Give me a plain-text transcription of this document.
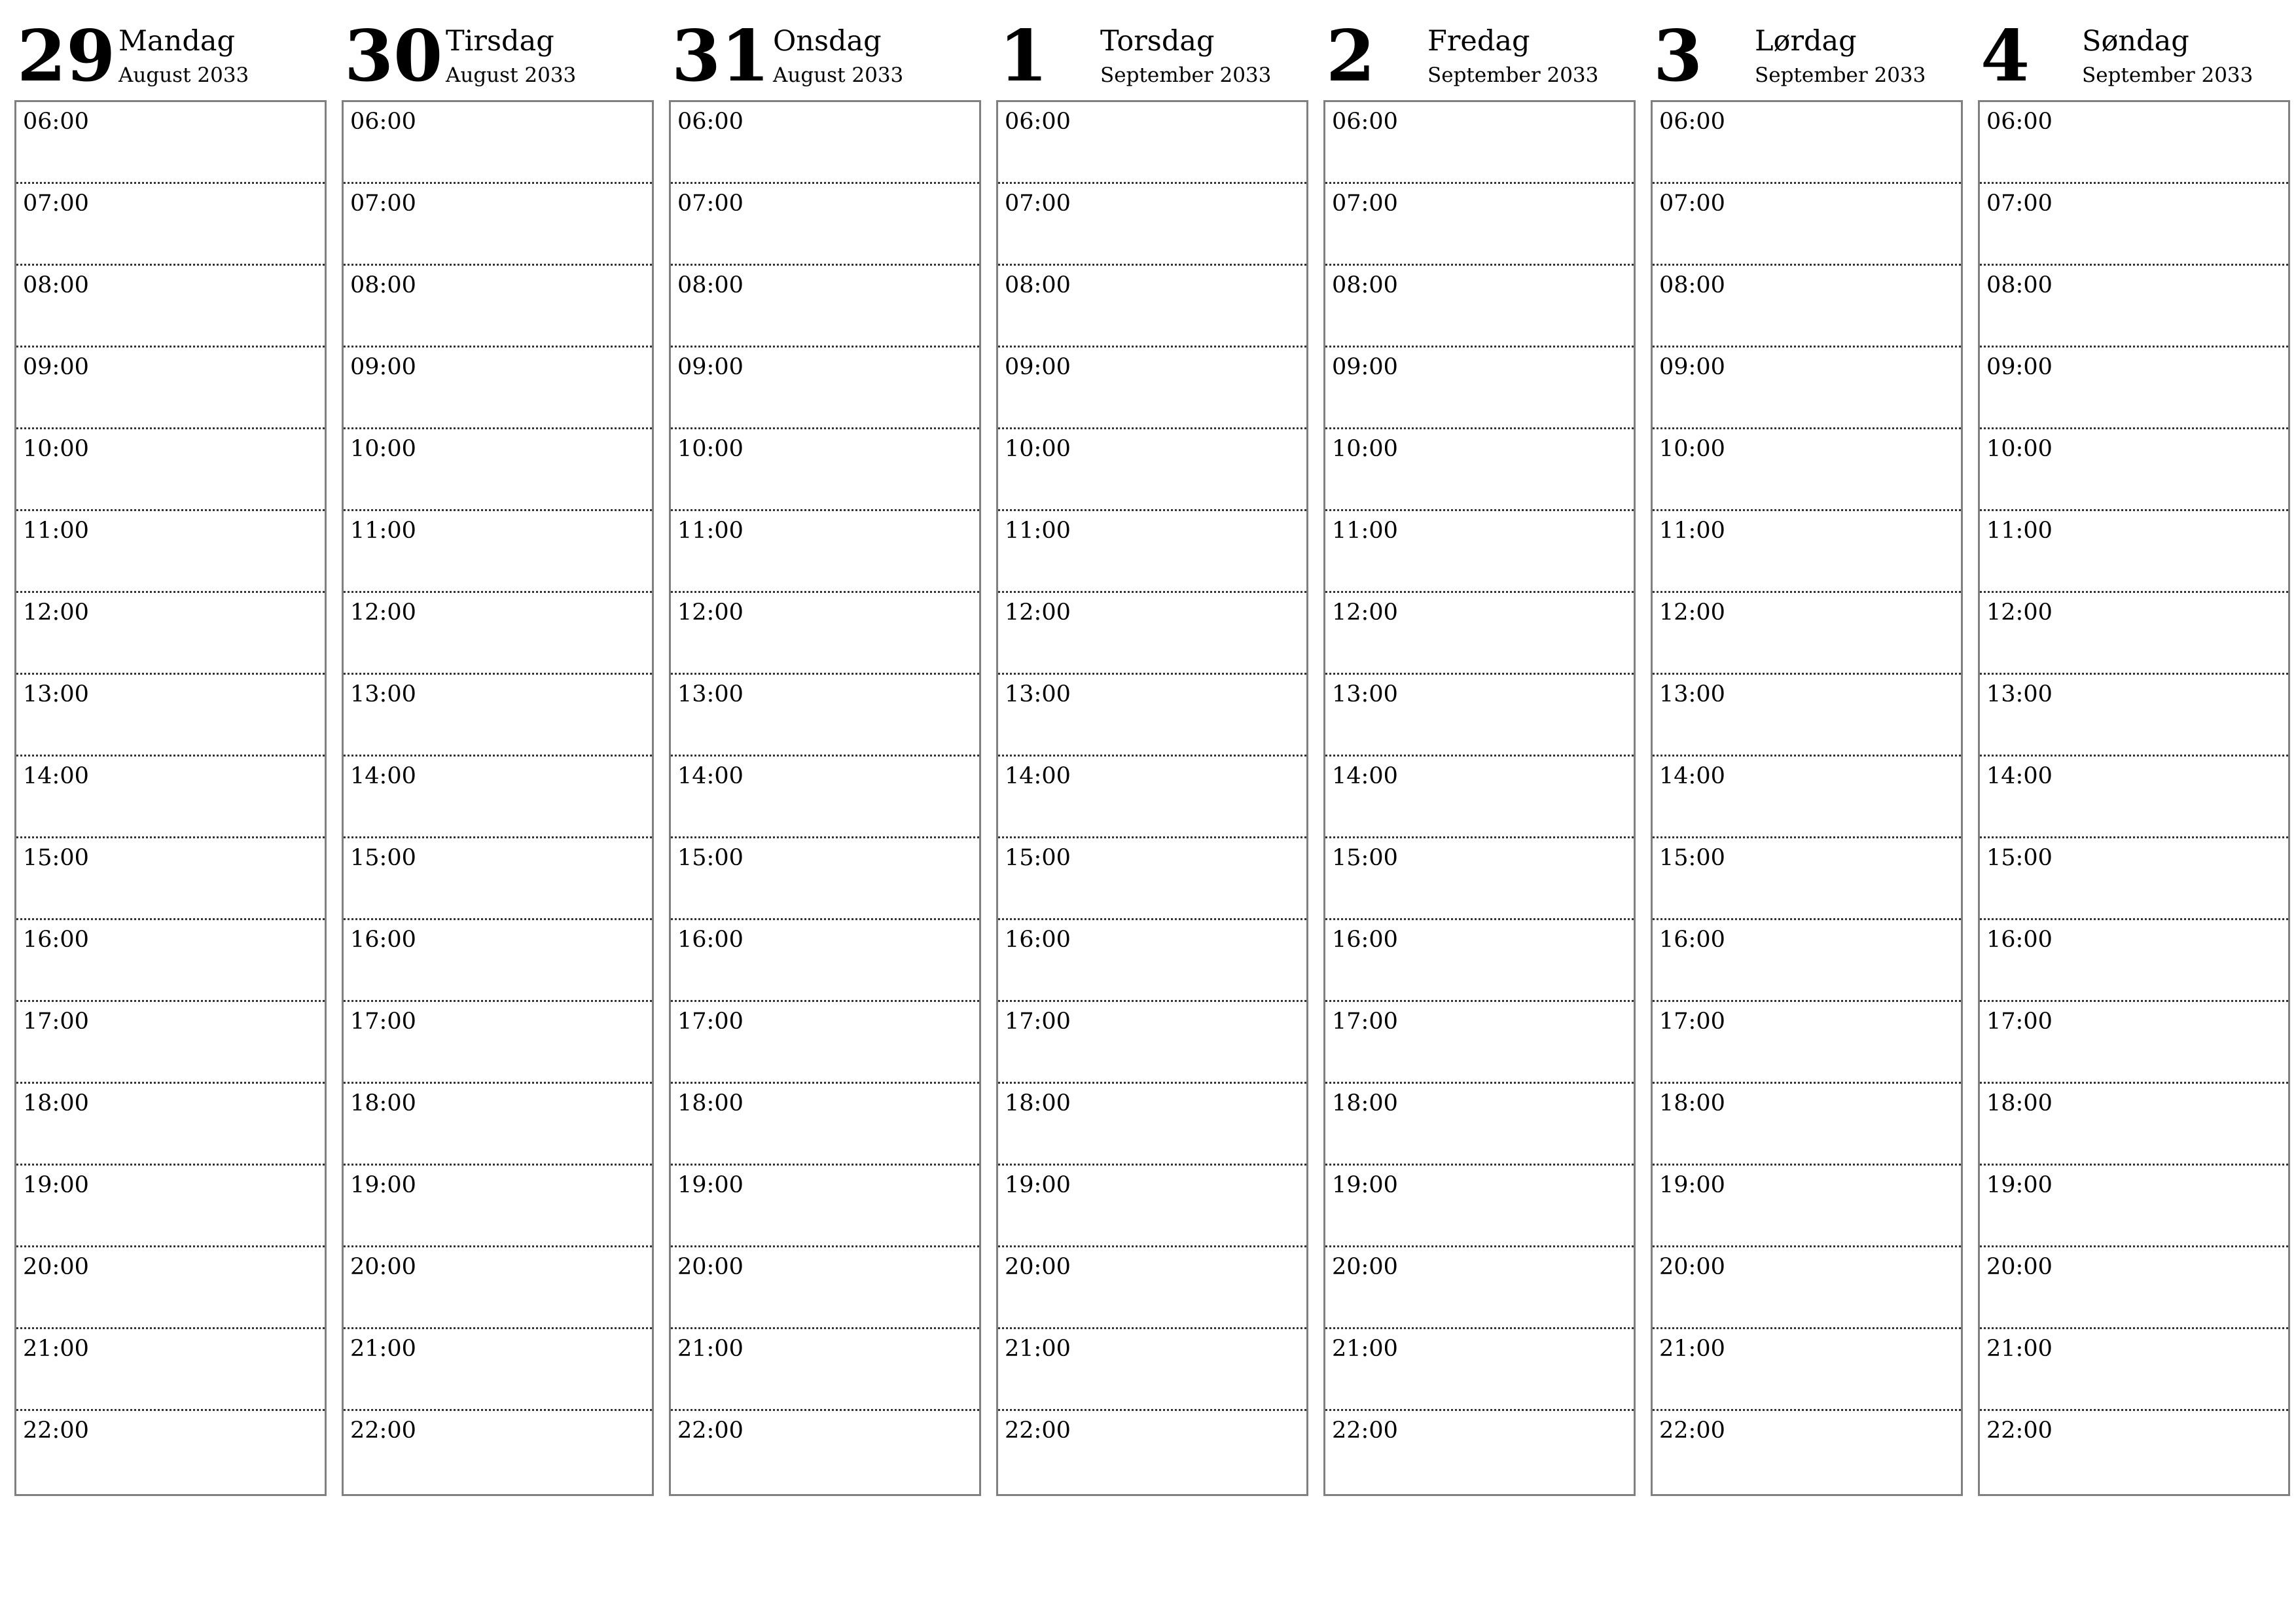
29 Mandag
August 2033
06:00
07:00
08:00
09:00
10:00
11:00
12:00
13:00
14:00
15:00
16:00
17:00
18:00
19:00
20:00
21:00
22:00
30 Tirsdag
August 2033
06:00
07:00
08:00
09:00
10:00
11:00
12:00
13:00
14:00
15:00
16:00
17:00
18:00
19:00
20:00
21:00
22:00
31 Onsdag
August 2033
06:00
07:00
08:00
09:00
10:00
11:00
12:00
13:00
14:00
15:00
16:00
17:00
18:00
19:00
20:00
21:00
22:00
1 Torsdag
September 2033
06:00
07:00
08:00
09:00
10:00
11:00
12:00
13:00
14:00
15:00
16:00
17:00
18:00
19:00
20:00
21:00
22:00
2 Fredag
September 2033
06:00
07:00
08:00
09:00
10:00
11:00
12:00
13:00
14:00
15:00
16:00
17:00
18:00
19:00
20:00
21:00
22:00
3 Lørdag
September 2033
06:00
07:00
08:00
09:00
10:00
11:00
12:00
13:00
14:00
15:00
16:00
17:00
18:00
19:00
20:00
21:00
22:00
4 Søndag
September 2033
06:00
07:00
08:00
09:00
10:00
11:00
12:00
13:00
14:00
15:00
16:00
17:00
18:00
19:00
20:00
21:00
22:00
